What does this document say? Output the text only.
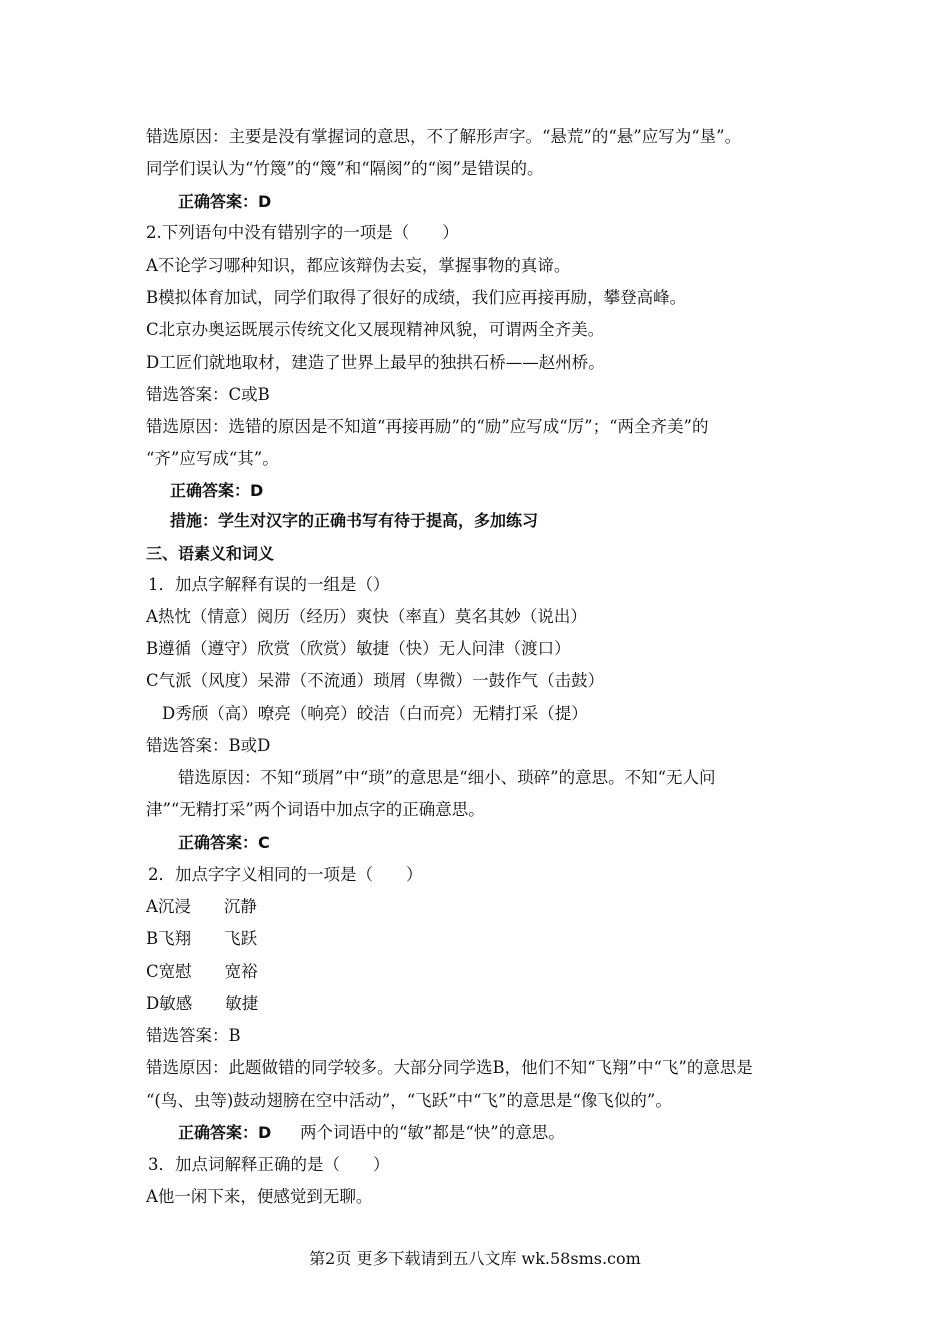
错选原因：主要是没有掌握词的意思，不了解形声字。“悬荒”的“悬”应写为“垦”。
同学们误认为“竹篾”的“篾”和“隔阂”的“阂”是错误的。
正确答案：D
2.下列语句中没有错别字的一项是（　　）
A不论学习哪种知识，都应该辩伪去妄，掌握事物的真谛。
B模拟体育加试，同学们取得了很好的成绩，我们应再接再励，攀登高峰。
C北京办奥运既展示传统文化又展现精神风貌，可谓两全齐美。
D工匠们就地取材，建造了世界上最早的独拱石桥——赵州桥。
错选答案：C或B
错选原因：选错的原因是不知道“再接再励”的“励”应写成“厉”；“两全齐美”的
“齐”应写成“其”。
正确答案：D
措施：学生对汉字的正确书写有待于提高，多加练习
三、语素义和词义
1．加点字解释有误的一组是（）
A热忱（情意）阅历（经历）爽快（率直）莫名其妙（说出）
B遵循（遵守）欣赏（欣赏）敏捷（快）无人问津（渡口）
C气派（风度）呆滞（不流通）琐屑（卑微）一鼓作气（击鼓）
D秀颀（高）嘹亮（响亮）皎洁（白而亮）无精打采（提）
错选答案：B或D
错选原因：不知“琐屑”中“琐”的意思是“细小、琐碎”的意思。不知“无人问
津”“无精打采”两个词语中加点字的正确意思。
正确答案：C
2．加点字字义相同的一项是（　　）
A沉浸　　沉静
B飞翔　　飞跃
C宽慰　　宽裕
D敏感　　敏捷
错选答案：B
错选原因：此题做错的同学较多。大部分同学选B，他们不知“飞翔”中“飞”的意思是
“(鸟、虫等)鼓动翅膀在空中活动”，“飞跃”中“飞”的意思是“像飞似的”。
正确答案：D 两个词语中的“敏”都是“快”的意思。
3．加点词解释正确的是（　　）
A他一闲下来，便感觉到无聊。
第2页 更多下载请到五八文库 wk.58sms.com
